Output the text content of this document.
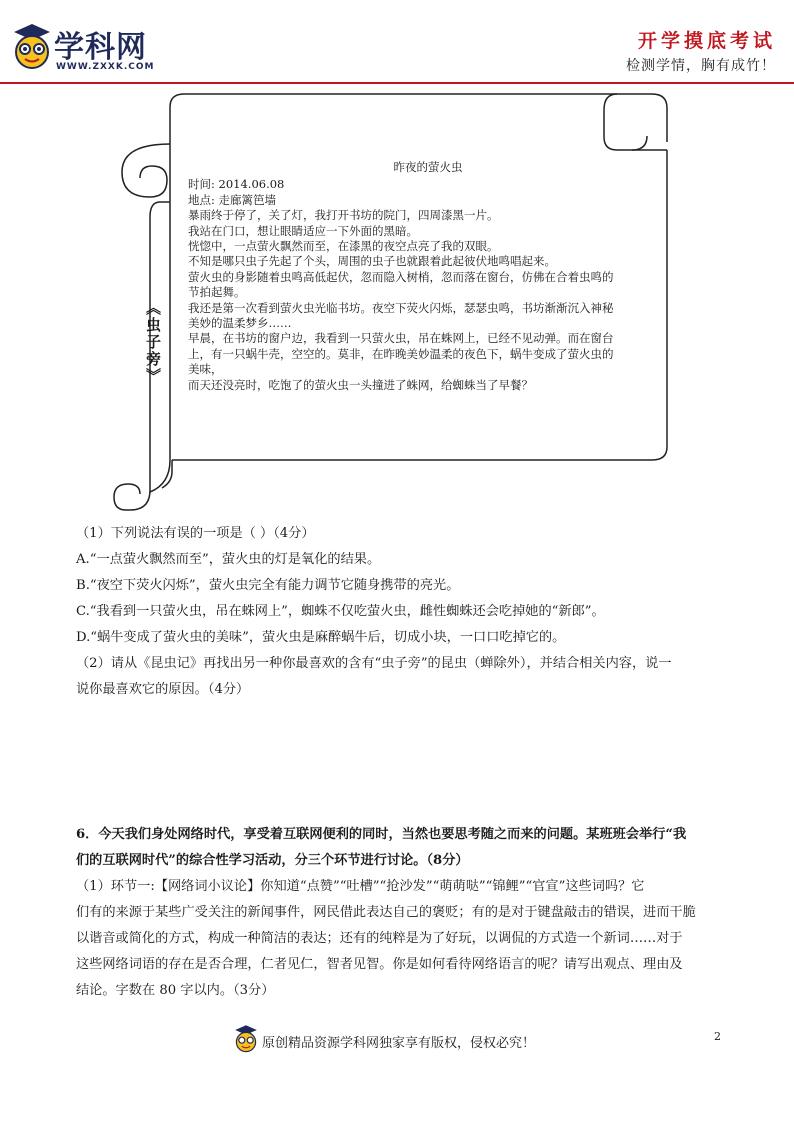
学科网
WWW.ZXXK.COM
开学摸底考试
检测学情，胸有成竹！
《虫子旁》
昨夜的萤火虫
时间: 2014.06.08
地点: 走廊篱笆墙
暴雨终于停了，关了灯，我打开书坊的院门，四周漆黑一片。
我站在门口，想让眼睛适应一下外面的黑暗。
恍惚中，一点萤火飘然而至，在漆黑的夜空点亮了我的双眼。
不知是哪只虫子先起了个头，周围的虫子也就跟着此起彼伏地鸣唱起来。
萤火虫的身影随着虫鸣高低起伏，忽而隐入树梢，忽而落在窗台，仿佛在合着虫鸣的
节拍起舞。
我还是第一次看到萤火虫光临书坊。夜空下荧火闪烁，瑟瑟虫鸣，书坊渐渐沉入神秘
美妙的温柔梦乡……
早晨，在书坊的窗户边，我看到一只萤火虫，吊在蛛网上，已经不见动弹。而在窗台
上，有一只蜗牛壳，空空的。莫非，在昨晚美妙温柔的夜色下，蜗牛变成了萤火虫的
美味，
而天还没亮时，吃饱了的萤火虫一头撞进了蛛网，给蜘蛛当了早餐？

（1）下列说法有误的一项是（ ）（4分）

A.“一点萤火飘然而至”，萤火虫的灯是氧化的结果。

B.“夜空下荧火闪烁”，萤火虫完全有能力调节它随身携带的亮光。

C.“我看到一只萤火虫，吊在蛛网上”，蜘蛛不仅吃萤火虫，雌性蜘蛛还会吃掉她的“新郎”。

D.“蜗牛变成了萤火虫的美味”，萤火虫是麻醉蜗牛后，切成小块，一口口吃掉它的。

（2）请从《昆虫记》再找出另一种你最喜欢的含有“虫子旁”的昆虫（蝉除外），并结合相关内容，说一

说你最喜欢它的原因。（4分）

6．今天我们身处网络时代，享受着互联网便利的同时，当然也要思考随之而来的问题。某班班会举行“我

们的互联网时代”的综合性学习活动，分三个环节进行讨论。（8分）

（1）环节一:【网络词小议论】你知道“点赞”“吐槽”“抢沙发”“萌萌哒”“锦鲤”“官宣”这些词吗？它

们有的来源于某些广受关注的新闻事件，网民借此表达自己的褒贬；有的是对于键盘敲击的错误，进而干脆

以谐音或简化的方式，构成一种简洁的表达；还有的纯粹是为了好玩，以调侃的方式造一个新词……对于

这些网络词语的存在是否合理，仁者见仁，智者见智。你是如何看待网络语言的呢？请写出观点、理由及

结论。字数在 80 字以内。（3分）

原创精品资源学科网独家享有版权，侵权必究！	2
